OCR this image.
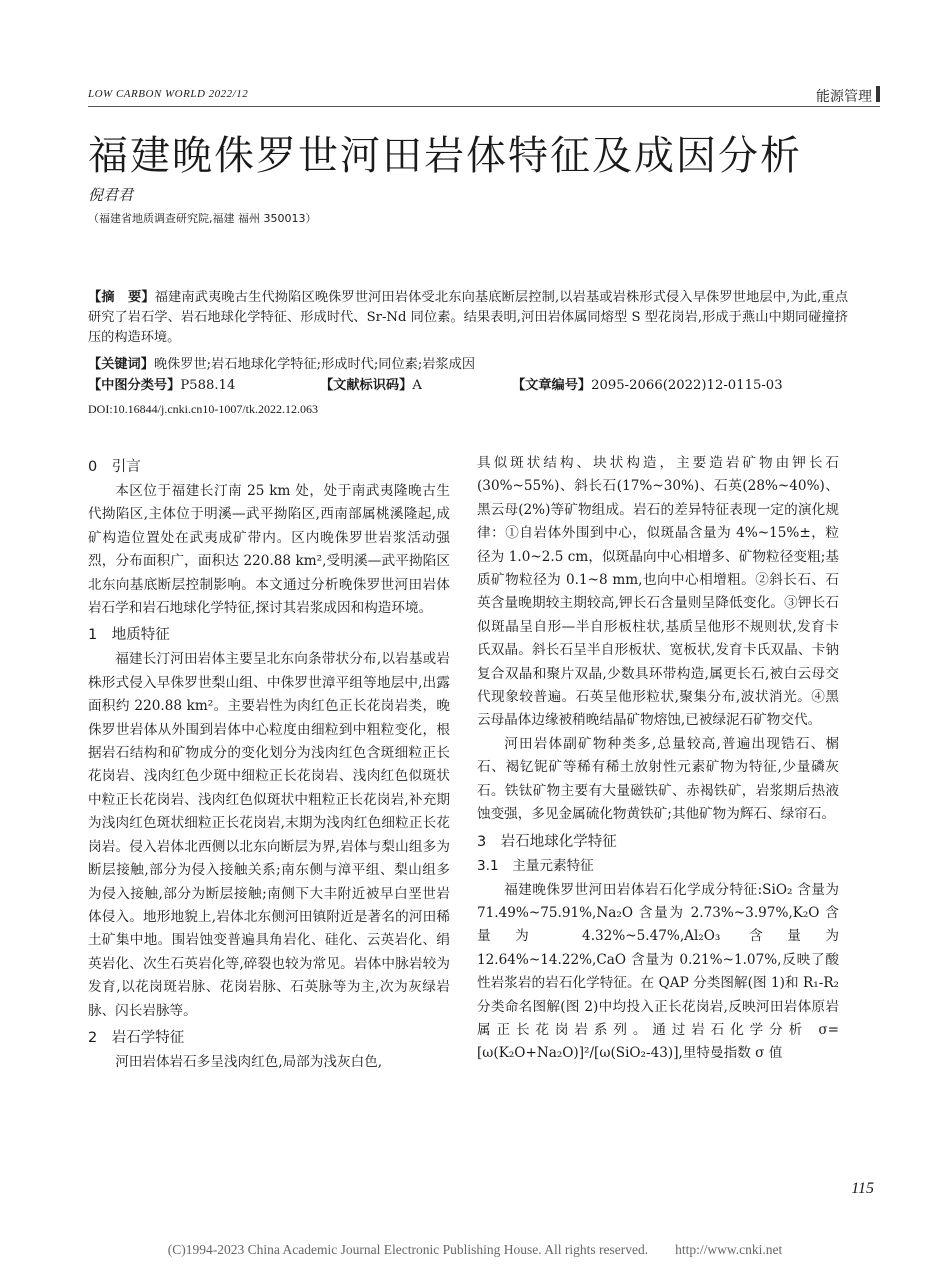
LOW CARBON WORLD 2022/12	能源管理
福建晚侏罗世河田岩体特征及成因分析
倪君君
（福建省地质调查研究院,福建 福州 350013）
【摘　要】福建南武夷晚古生代拗陷区晚侏罗世河田岩体受北东向基底断层控制,以岩基或岩株形式侵入早侏罗世地层中,为此,重点研究了岩石学、岩石地球化学特征、形成时代、Sr-Nd 同位素。结果表明,河田岩体属同熔型 S 型花岗岩,形成于燕山中期同碰撞挤压的构造环境。
【关键词】晚侏罗世;岩石地球化学特征;形成时代;同位素;岩浆成因
【中图分类号】P588.14	【文献标识码】A	【文章编号】2095-2066(2022)12-0115-03
DOI:10.16844/j.cnki.cn10-1007/tk.2022.12.063
0　引言

本区位于福建长汀南 25 km 处，处于南武夷隆晚古生代拗陷区,主体位于明溪—武平拗陷区,西南部属桃溪隆起,成矿构造位置处在武夷成矿带内。区内晚侏罗世岩浆活动强烈，分布面积广，面积达 220.88 km²,受明溪—武平拗陷区北东向基底断层控制影响。本文通过分析晚侏罗世河田岩体岩石学和岩石地球化学特征,探讨其岩浆成因和构造环境。

1　地质特征

福建长汀河田岩体主要呈北东向条带状分布,以岩基或岩株形式侵入早侏罗世梨山组、中侏罗世漳平组等地层中,出露面积约 220.88 km²。主要岩性为肉红色正长花岗岩类，晚侏罗世岩体从外围到岩体中心粒度由细粒到中粗粒变化，根据岩石结构和矿物成分的变化划分为浅肉红色含斑细粒正长花岗岩、浅肉红色少斑中细粒正长花岗岩、浅肉红色似斑状中粒正长花岗岩、浅肉红色似斑状中粗粒正长花岗岩,补充期为浅肉红色斑状细粒正长花岗岩,末期为浅肉红色细粒正长花岗岩。侵入岩体北西侧以北东向断层为界,岩体与梨山组多为断层接触,部分为侵入接触关系;南东侧与漳平组、梨山组多为侵入接触,部分为断层接触;南侧下大丰附近被早白垩世岩体侵入。地形地貌上,岩体北东侧河田镇附近是著名的河田稀土矿集中地。围岩蚀变普遍具角岩化、硅化、云英岩化、绢英岩化、次生石英岩化等,碎裂也较为常见。岩体中脉岩较为发育,以花岗斑岩脉、花岗岩脉、石英脉等为主,次为灰绿岩脉、闪长岩脉等。

2　岩石学特征

河田岩体岩石多呈浅肉红色,局部为浅灰白色,

具似斑状结构、块状构造，主要造岩矿物由钾长石(30%~55%)、斜长石(17%~30%)、石英(28%~40%)、黑云母(2%)等矿物组成。岩石的差异特征表现一定的演化规律：①自岩体外围到中心，似斑晶含量为 4%~15%±，粒径为 1.0~2.5 cm，似斑晶向中心相增多、矿物粒径变粗;基质矿物粒径为 0.1~8 mm,也向中心相增粗。②斜长石、石英含量晚期较主期较高,钾长石含量则呈降低变化。③钾长石似斑晶呈自形—半自形板柱状,基质呈他形不规则状,发育卡氏双晶。斜长石呈半自形板状、宽板状,发育卡氏双晶、卡钠复合双晶和聚片双晶,少数具环带构造,属更长石,被白云母交代现象较普遍。石英呈他形粒状,聚集分布,波状消光。④黑云母晶体边缘被稍晚结晶矿物熔蚀,已被绿泥石矿物交代。

河田岩体副矿物种类多,总量较高,普遍出现锆石、榍石、褐钇铌矿等稀有稀土放射性元素矿物为特征,少量磷灰石。铁钛矿物主要有大量磁铁矿、赤褐铁矿，岩浆期后热液蚀变强，多见金属硫化物黄铁矿;其他矿物为辉石、绿帘石。

3　岩石地球化学特征
3.1　主量元素特征

福建晚侏罗世河田岩体岩石化学成分特征:SiO₂ 含量为 71.49%~75.91%,Na₂O 含量为 2.73%~3.97%,K₂O 含量为 4.32%~5.47%,Al₂O₃ 含量为 12.64%~14.22%,CaO 含量为 0.21%~1.07%,反映了酸性岩浆岩的岩石化学特征。在 QAP 分类图解(图 1)和 R₁-R₂ 分类命名图解(图 2)中均投入正长花岗岩,反映河田岩体原岩属正长花岗岩系列。通过岩石化学分析 σ=[ω(K₂O+Na₂O)]²/[ω(SiO₂-43)],里特曼指数 σ 值

115
(C)1994-2023 China Academic Journal Electronic Publishing House. All rights reserved.　　http://www.cnki.net
